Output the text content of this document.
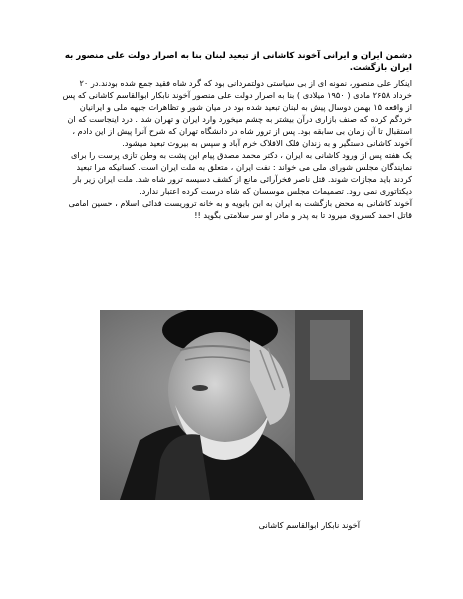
دشمن ایران و ایرانی آخوند کاشانی از تبعید لبنان بنا به اصرار دولت علی منصور به ایران بازگشت.

اینکار علی منصور، نمونه ای از بی سیاستی دولتمردانی بود که گرد شاه فقید جمع شده بودند.در ۲۰ خرداد ۲۶۵۸ مادی ( ۱۹۵۰ میلادی ) بنا به اصرار دولت علی منصور آخوند نابکار ابوالقاسم کاشانی که پس از واقعه ۱۵ بهمن دوسال پیش به لبنان تبعید شده بود در میان شور و تظاهرات جبهه ملی و ایرانیان خردگم کرده که صنف بازاری درآن بیشتر به چشم میخورد وارد ایران و تهران شد . درد اینجاست که ان استقبال تا آن زمان بی سابقه بود. پس از ترور شاه در دانشگاه تهران که شرح آنرا پیش از این دادم ، آخوند کاشانی دستگیر و به زندان فلک الافلاک خرم آباد و سپس به بیروت تبعید میشود.

یک هفته پس از ورود کاشانی به ایران ، دکتر محمد مصدق پیام این پشت به وطن تازی پرست را برای نمایندگان مجلس شورای ملی می خواند : نفت ایران ، متعلق به ملت ایران است. کسانیکه مرا تبعید کردند باید مجازات شوند. قتل ناصر فخرآرائی مانع از کشف دسیسه ترور شاه شد. ملت ایران زیر بار دیکتاتوری نمی رود. تصمیمات مجلس موسسان که شاه درست کرده اعتبار ندارد.

آخوند کاشانی به محض بازگشت به ایران به ابن بابویه و به خانه تروریست فدائی اسلام ، حسین امامی قاتل احمد کسروی میرود تا به پدر و مادر او سر سلامتی بگوید !!

آخوند نابکار ابوالقاسم کاشانی
